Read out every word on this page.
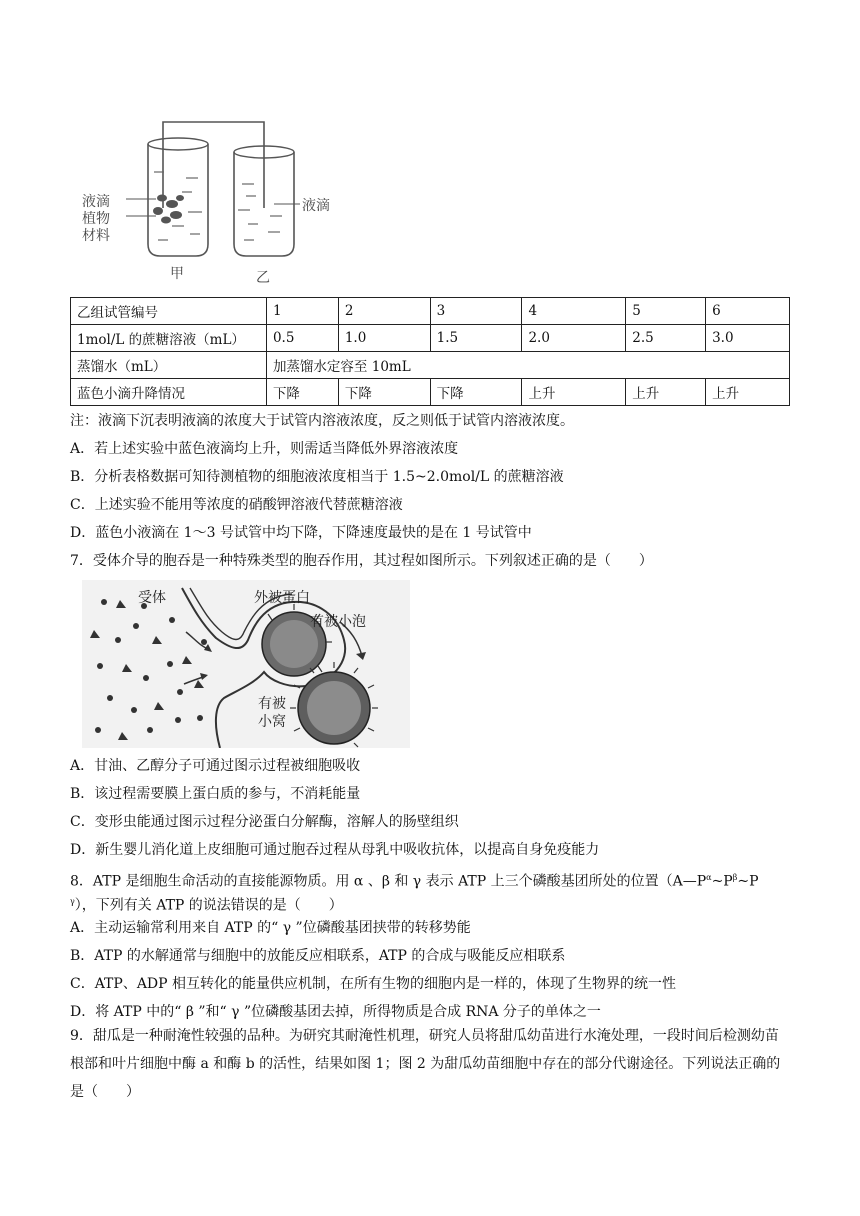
液滴
植物
材料
甲	乙
液滴
乙组试管编号	1	2	3	4	5	6
1mol/L 的蔗糖溶液（mL）	0.5	1.0	1.5	2.0	2.5	3.0
蒸馏水（mL）	加蒸馏水定容至 10mL					
蓝色小滴升降情况	下降	下降	下降	上升	上升	上升
注：液滴下沉表明液滴的浓度大于试管内溶液浓度，反之则低于试管内溶液浓度。
A．若上述实验中蓝色液滴均上升，则需适当降低外界溶液浓度
B．分析表格数据可知待测植物的细胞液浓度相当于 1.5~2.0mol/L 的蔗糖溶液
C．上述实验不能用等浓度的硝酸钾溶液代替蔗糖溶液
D．蓝色小液滴在 1～3 号试管中均下降，下降速度最快的是在 1 号试管中
7．受体介导的胞吞是一种特殊类型的胞吞作用，其过程如图所示。下列叙述正确的是（　　）
受体	外被蛋白
有被小泡
有被
小窝
A．甘油、乙醇分子可通过图示过程被细胞吸收
B．该过程需要膜上蛋白质的参与，不消耗能量
C．变形虫能通过图示过程分泌蛋白分解酶，溶解人的肠壁组织
D．新生婴儿消化道上皮细胞可通过胞吞过程从母乳中吸收抗体，以提高自身免疫能力
8．ATP 是细胞生命活动的直接能源物质。用 α 、β 和 γ 表示 ATP 上三个磷酸基团所处的位置（$A—P^\alpha\sim P^\beta\sim P$
$^\gamma$），下列有关 ATP 的说法错误的是（　　）
A．主动运输常利用来自 ATP 的“ γ ”位磷酸基团挟带的转移势能
B．ATP 的水解通常与细胞中的放能反应相联系，ATP 的合成与吸能反应相联系
C．ATP、ADP 相互转化的能量供应机制，在所有生物的细胞内是一样的，体现了生物界的统一性
D．将 ATP 中的“ β ”和“ γ ”位磷酸基团去掉，所得物质是合成 RNA 分子的单体之一
9．甜瓜是一种耐淹性较强的品种。为研究其耐淹性机理，研究人员将甜瓜幼苗进行水淹处理，一段时间后检测幼苗根部和叶片细胞中酶 a 和酶 b 的活性，结果如图 1；图 2 为甜瓜幼苗细胞中存在的部分代谢途径。下列说法正确的是（　　）
